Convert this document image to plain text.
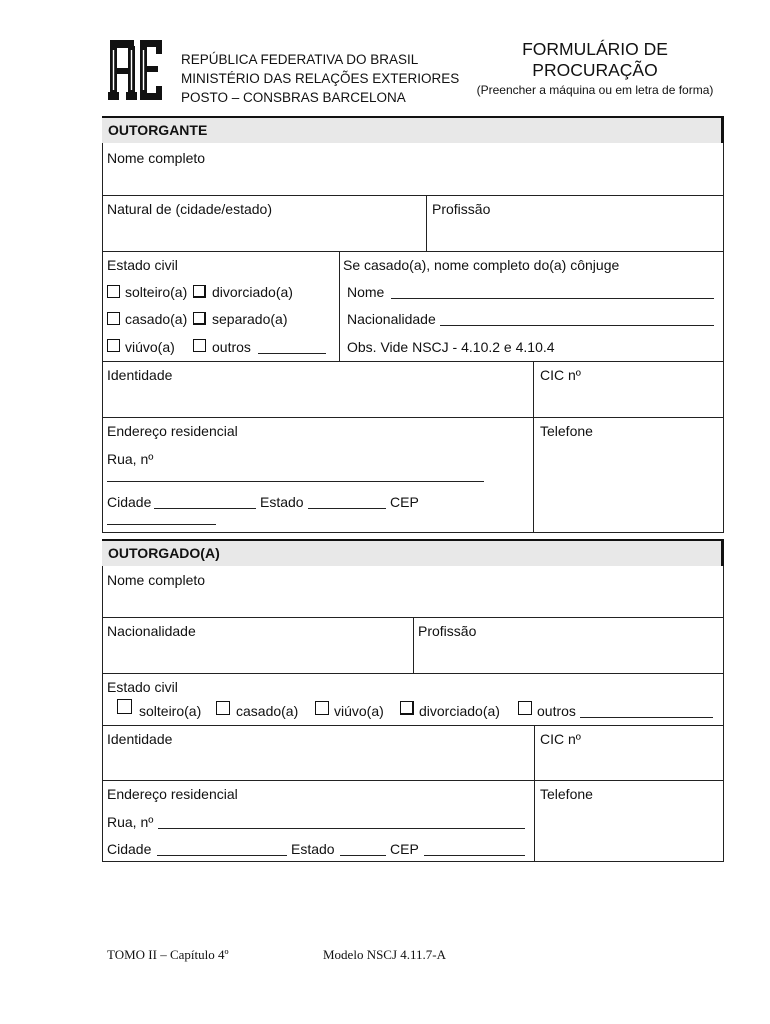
REPÚBLICA FEDERATIVA DO BRASIL
MINISTÉRIO DAS RELAÇÕES EXTERIORES
POSTO – CONSBRAS BARCELONA
FORMULÁRIO DE
PROCURAÇÃO
(Preencher a máquina ou em letra de forma)
OUTORGANTE
Nome completo
Natural de (cidade/estado)	Profissão
Estado civil
solteiro(a) divorciado(a)
casado(a) separado(a)
viúvo(a)	outros
Se casado(a), nome completo do(a) cônjuge
Nome
Nacionalidade
Obs. Vide NSCJ - 4.10.2 e 4.10.4
Identidade	CIC nº
Endereço residencial	Telefone
Rua, nº
Cidade	Estado	CEP
OUTORGADO(A)
Nome completo
Nacionalidade	Profissão
Estado civil
solteiro(a) casado(a)	viúvo(a)	divorciado(a)	outros
Identidade	CIC nº
Endereço residencial	Telefone
Rua, nº
Cidade	Estado	CEP
TOMO II – Capítulo 4º	Modelo NSCJ 4.11.7-A
